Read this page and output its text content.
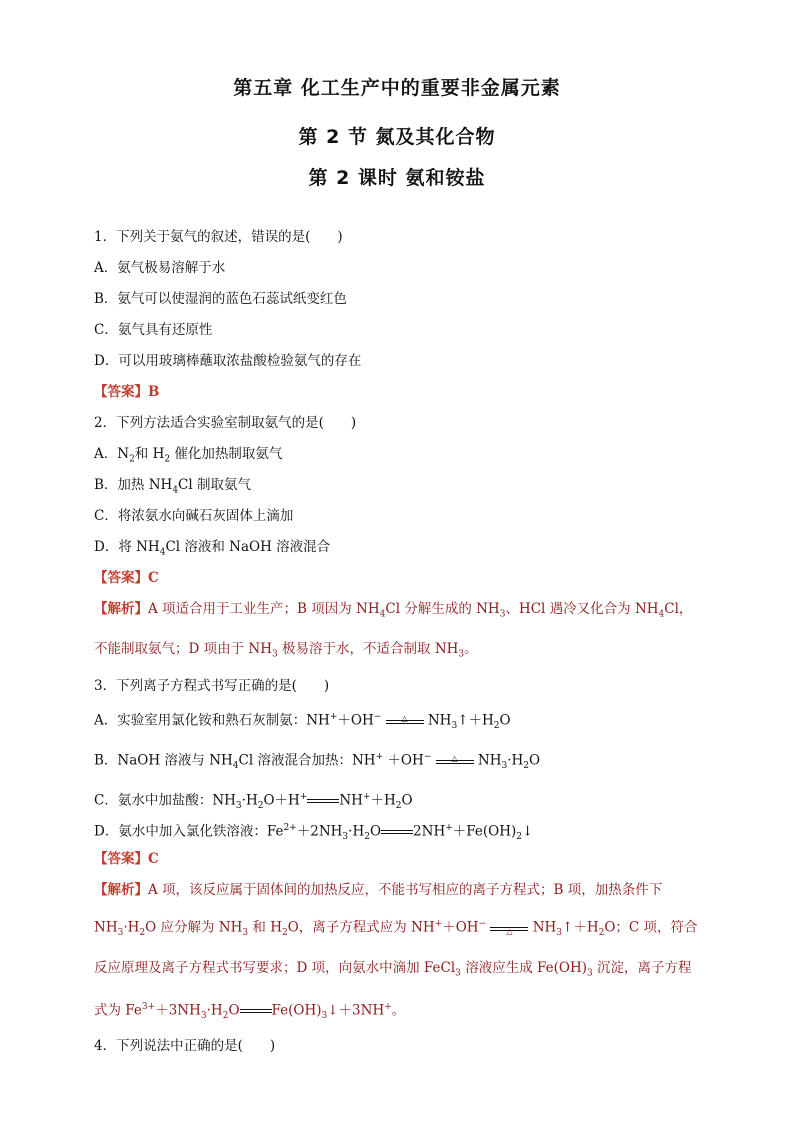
第五章 化工生产中的重要非金属元素
第 2 节 氮及其化合物
第 2 课时 氨和铵盐
1．下列关于氨气的叙述，错误的是(　　)
A．氨气极易溶解于水
B．氨气可以使湿润的蓝色石蕊试纸变红色
C．氨气具有还原性
D．可以用玻璃棒蘸取浓盐酸检验氨气的存在
【答案】B
2．下列方法适合实验室制取氨气的是(　　)
A．$N_2$和 $H_2$ 催化加热制取氨气
B．加热 $NH_4Cl$ 制取氨气
C．将浓氨水向碱石灰固体上滴加
D．将 $NH_4Cl$ 溶液和 NaOH 溶液混合
【答案】C
【解析】A 项适合用于工业生产；B 项因为 $NH_4Cl$ 分解生成的 $NH_3$、HCl 遇冷又化合为 $NH_4Cl$，不能制取氨气；D 项由于 $NH_3$ 极易溶于水，不适合制取 $NH_3$。
3．下列离子方程式书写正确的是(　　)
A．实验室用氯化铵和熟石灰制氨：NH+＋OH−	△	$NH_3↑+H_2O$
B．NaOH 溶液与 $NH_4Cl$ 溶液混合加热：NH+ ＋OH−	△	$NH_3\cdot H_2O$
C．氨水中加盐酸：$NH_3\cdot H_2O+H^+$ $NH^++H_2O$
D．氨水中加入氯化铁溶液：$Fe^{2+}+2NH_3\cdot H_2O$ $2NH^++Fe(OH)_2↓$
【答案】C
【解析】A 项，该反应属于固体间的加热反应，不能书写相应的离子方程式；B 项，加热条件下 $NH_3\cdot H_2O$ 应分解为 $NH_3$ 和 $H_2O$，离子方程式应为 NH+＋OH−
△	$NH_3↑+H_2O$；C 项，符合反应原理及离子方程式书写要求；D 项，向氨水中滴加 FeCl$_3$ 溶液应生成 $Fe(OH)_3$ 沉淀，离子方程式为 $Fe^{3+}+3NH_3\cdot H_2O$ $Fe(OH)_3↓+3NH^+$。
4．下列说法中正确的是(　　)
